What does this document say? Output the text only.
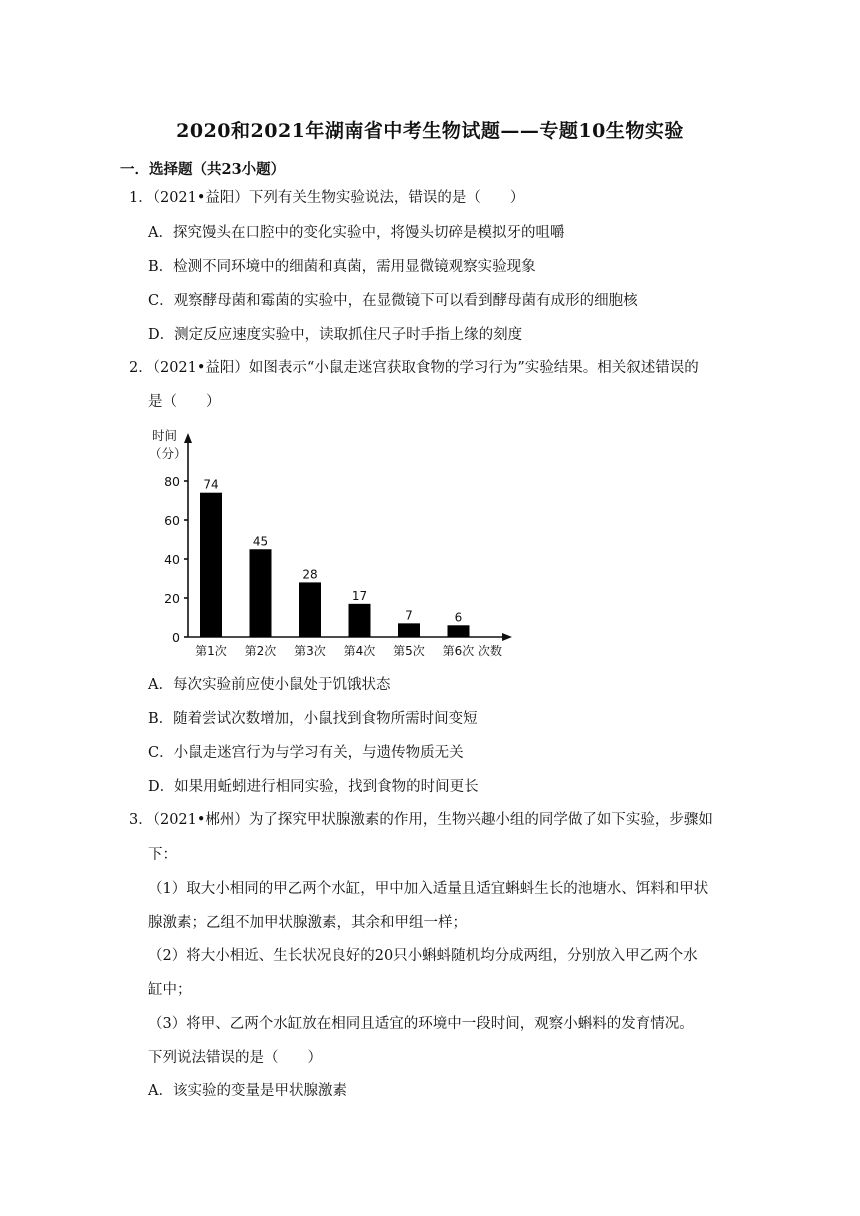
2020和2021年湖南省中考生物试题——专题10生物实验
一．选择题（共23小题）
1．（2021•益阳）下列有关生物实验说法，错误的是（　　）
A．探究馒头在口腔中的变化实验中，将馒头切碎是模拟牙的咀嚼
B．检测不同环境中的细菌和真菌，需用显微镜观察实验现象
C．观察酵母菌和霉菌的实验中，在显微镜下可以看到酵母菌有成形的细胞核
D．测定反应速度实验中，读取抓住尺子时手指上缘的刻度
2．（2021•益阳）如图表示“小鼠走迷宫获取食物的学习行为”实验结果。相关叙述错误的
是（　　）
时间
（分）
次数
0
20
40
60
80 74
第1次
45
第2次
28
第3次
17
第4次
7
第5次
6
第6次
A．每次实验前应使小鼠处于饥饿状态
B．随着尝试次数增加，小鼠找到食物所需时间变短
C．小鼠走迷宫行为与学习有关，与遗传物质无关
D．如果用蚯蚓进行相同实验，找到食物的时间更长
3．（2021•郴州）为了探究甲状腺激素的作用，生物兴趣小组的同学做了如下实验，步骤如
下：
（1）取大小相同的甲乙两个水缸，甲中加入适量且适宜蝌蚪生长的池塘水、饵料和甲状
腺激素；乙组不加甲状腺激素，其余和甲组一样；
（2）将大小相近、生长状况良好的20只小蝌蚪随机均分成两组，分别放入甲乙两个水
缸中；
（3）将甲、乙两个水缸放在相同且适宜的环境中一段时间，观察小蝌料的发育情况。
下列说法错误的是（　　）
A．该实验的变量是甲状腺激素
